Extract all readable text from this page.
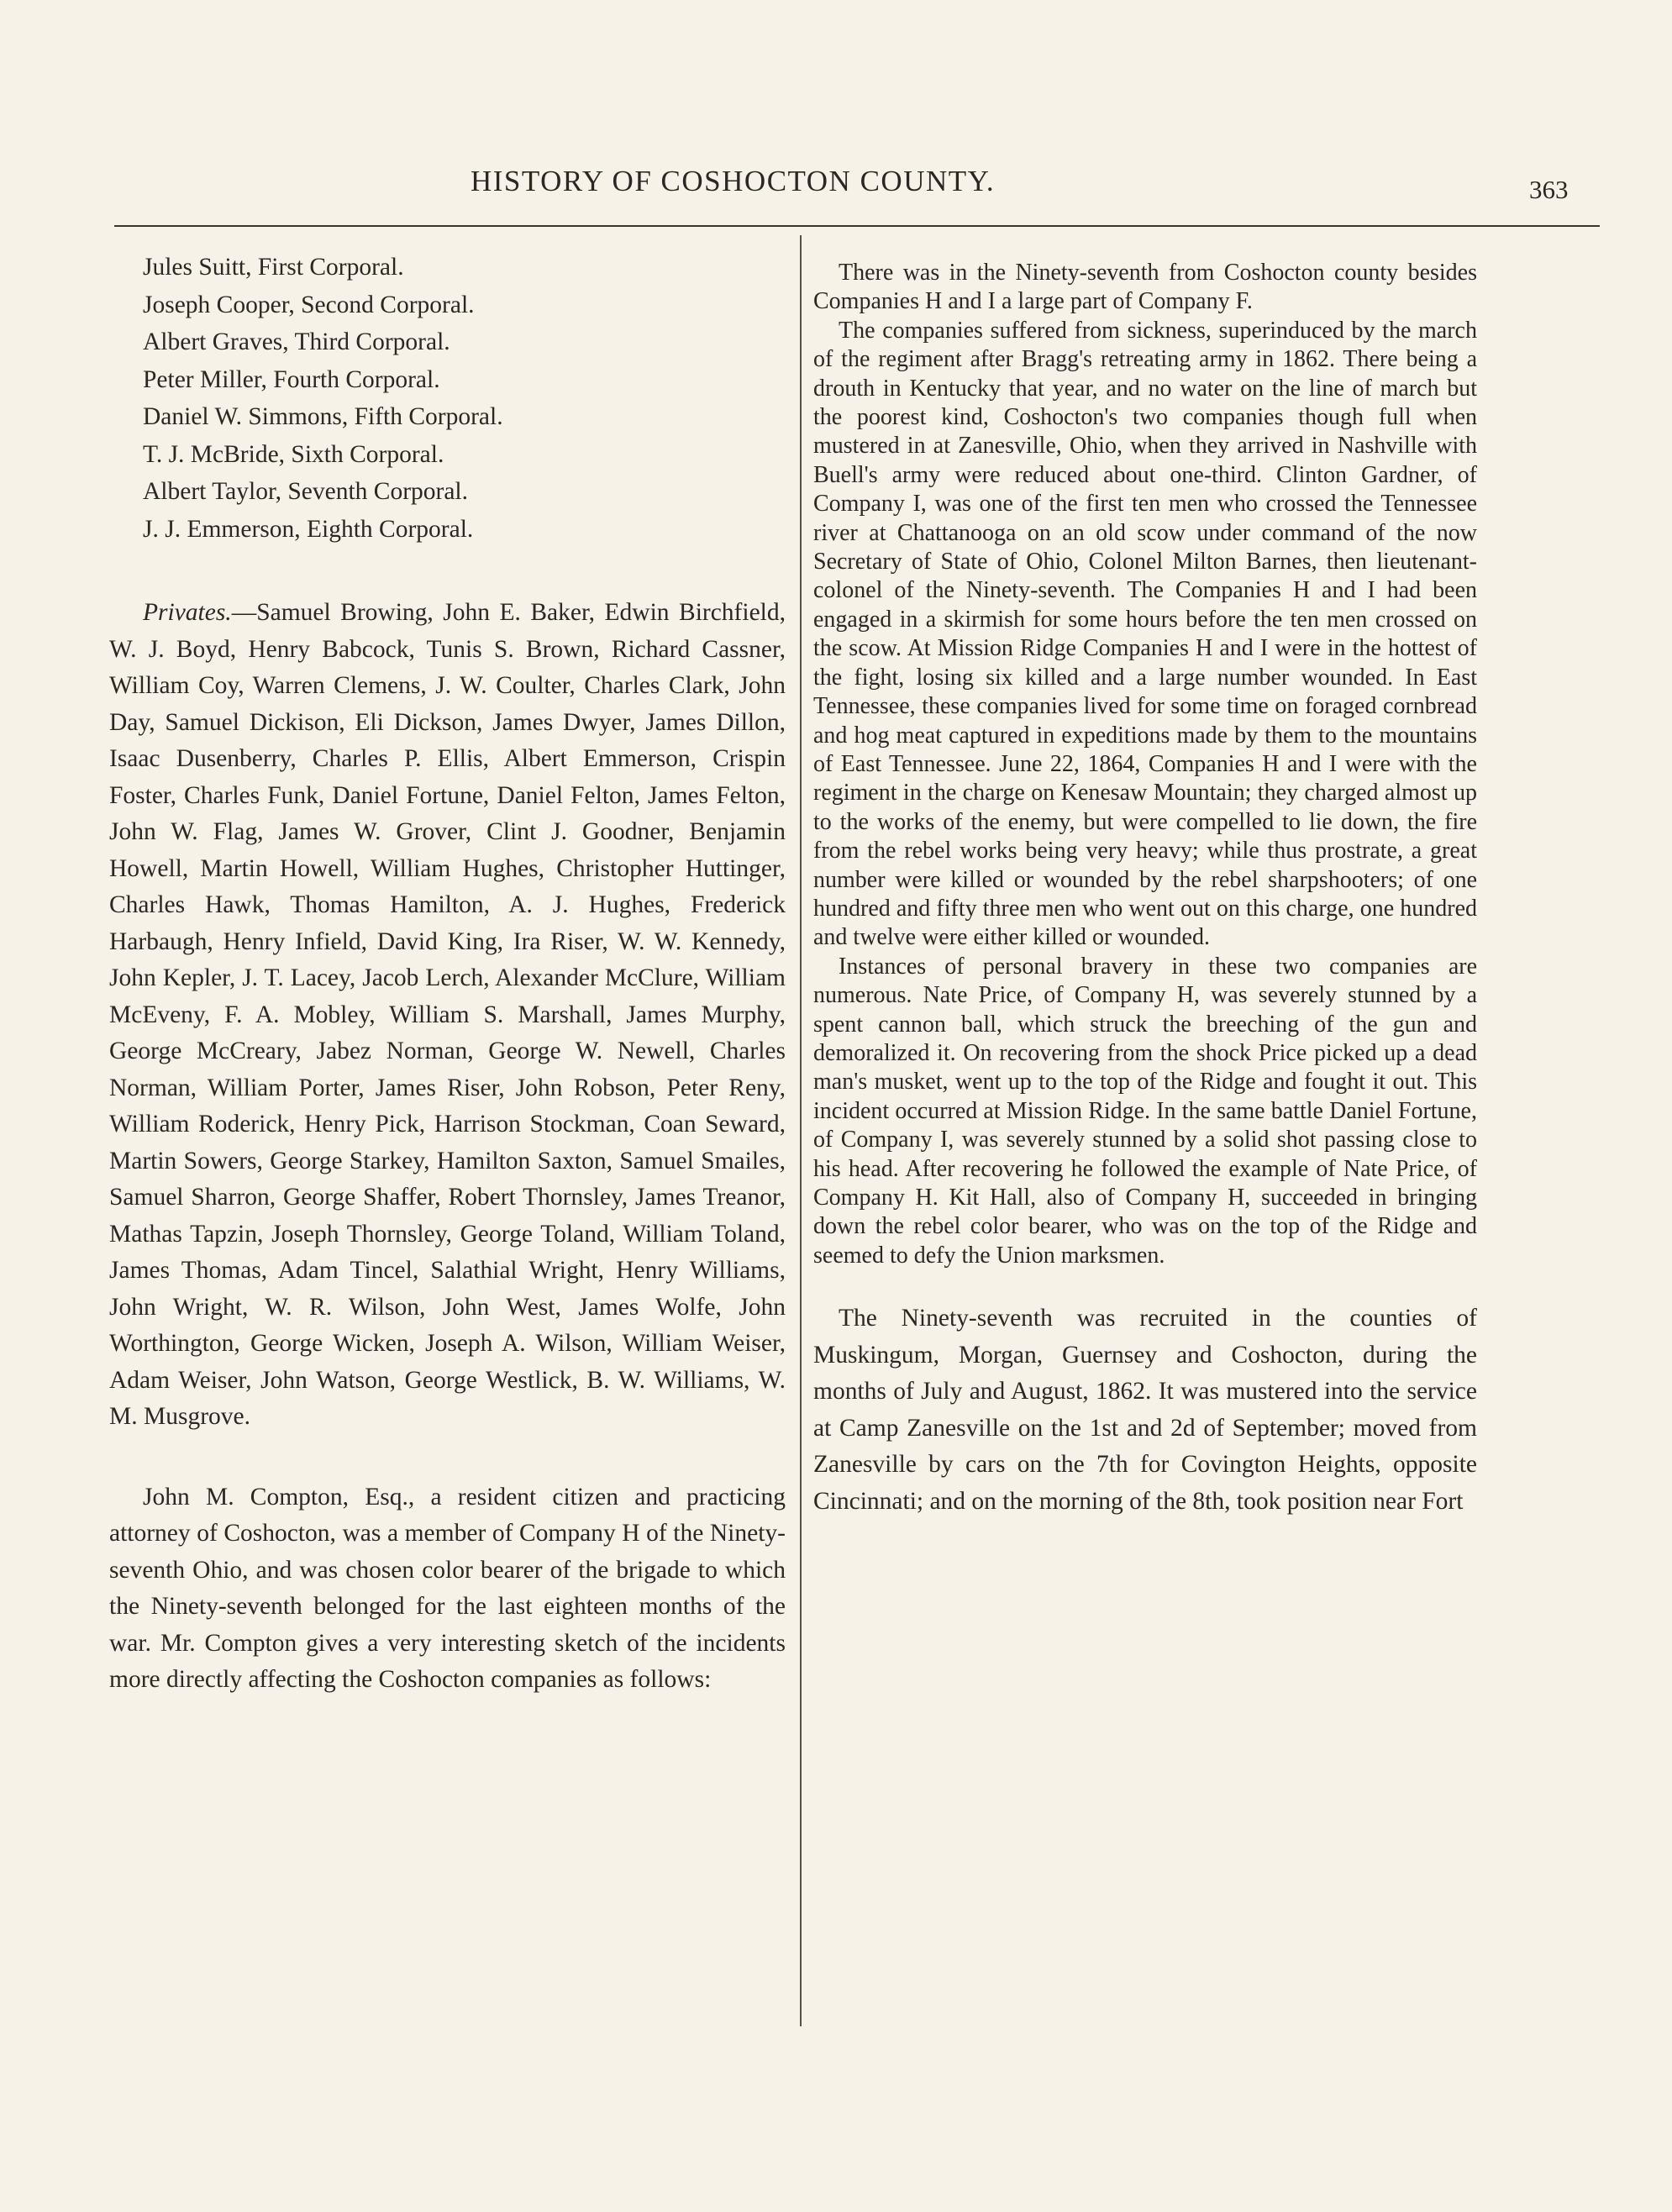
HISTORY OF COSHOCTON COUNTY.	363
Jules Suitt, First Corporal.
Joseph Cooper, Second Corporal.
Albert Graves, Third Corporal.
Peter Miller, Fourth Corporal.
Daniel W. Simmons, Fifth Corporal.
T. J. McBride, Sixth Corporal.
Albert Taylor, Seventh Corporal.
J. J. Emmerson, Eighth Corporal.

Privates.—Samuel Browing, John E. Baker, Edwin Birchfield, W. J. Boyd, Henry Babcock, Tunis S. Brown, Richard Cassner, William Coy, Warren Clemens, J. W. Coulter, Charles Clark, John Day, Samuel Dickison, Eli Dickson, James Dwyer, James Dillon, Isaac Dusenberry, Charles P. Ellis, Albert Emmerson, Crispin Foster, Charles Funk, Daniel Fortune, Daniel Felton, James Felton, John W. Flag, James W. Grover, Clint J. Goodner, Benjamin Howell, Martin Howell, William Hughes, Christopher Huttinger, Charles Hawk, Thomas Hamilton, A. J. Hughes, Frederick Harbaugh, Henry Infield, David King, Ira Riser, W. W. Kennedy, John Kepler, J. T. Lacey, Jacob Lerch, Alexander McClure, William McEveny, F. A. Mobley, William S. Marshall, James Murphy, George McCreary, Jabez Norman, George W. Newell, Charles Norman, William Porter, James Riser, John Robson, Peter Reny, William Roderick, Henry Pick, Harrison Stockman, Coan Seward, Martin Sowers, George Starkey, Hamilton Saxton, Samuel Smailes, Samuel Sharron, George Shaffer, Robert Thornsley, James Treanor, Mathas Tapzin, Joseph Thornsley, George Toland, William Toland, James Thomas, Adam Tincel, Salathial Wright, Henry Williams, John Wright, W. R. Wilson, John West, James Wolfe, John Worthington, George Wicken, Joseph A. Wilson, William Weiser, Adam Weiser, John Watson, George Westlick, B. W. Williams, W. M. Musgrove.

John M. Compton, Esq., a resident citizen and practicing attorney of Coshocton, was a member of Company H of the Ninety-seventh Ohio, and was chosen color bearer of the brigade to which the Ninety-seventh belonged for the last eighteen months of the war. Mr. Compton gives a very interesting sketch of the incidents more directly affecting the Coshocton companies as follows:

There was in the Ninety-seventh from Coshocton county besides Companies H and I a large part of Company F.

The companies suffered from sickness, superinduced by the march of the regiment after Bragg's retreating army in 1862. There being a drouth in Kentucky that year, and no water on the line of march but the poorest kind, Coshocton's two companies though full when mustered in at Zanesville, Ohio, when they arrived in Nashville with Buell's army were reduced about one-third. Clinton Gardner, of Company I, was one of the first ten men who crossed the Tennessee river at Chattanooga on an old scow under command of the now Secretary of State of Ohio, Colonel Milton Barnes, then lieutenant-colonel of the Ninety-seventh. The Companies H and I had been engaged in a skirmish for some hours before the ten men crossed on the scow. At Mission Ridge Companies H and I were in the hottest of the fight, losing six killed and a large number wounded. In East Tennessee, these companies lived for some time on foraged cornbread and hog meat captured in expeditions made by them to the mountains of East Tennessee. June 22, 1864, Companies H and I were with the regiment in the charge on Kenesaw Mountain; they charged almost up to the works of the enemy, but were compelled to lie down, the fire from the rebel works being very heavy; while thus prostrate, a great number were killed or wounded by the rebel sharpshooters; of one hundred and fifty three men who went out on this charge, one hundred and twelve were either killed or wounded.

Instances of personal bravery in these two companies are numerous. Nate Price, of Company H, was severely stunned by a spent cannon ball, which struck the breeching of the gun and demoralized it. On recovering from the shock Price picked up a dead man's musket, went up to the top of the Ridge and fought it out. This incident occurred at Mission Ridge. In the same battle Daniel Fortune, of Company I, was severely stunned by a solid shot passing close to his head. After recovering he followed the example of Nate Price, of Company H. Kit Hall, also of Company H, succeeded in bringing down the rebel color bearer, who was on the top of the Ridge and seemed to defy the Union marksmen.

The Ninety-seventh was recruited in the counties of Muskingum, Morgan, Guernsey and Coshocton, during the months of July and August, 1862. It was mustered into the service at Camp Zanesville on the 1st and 2d of September; moved from Zanesville by cars on the 7th for Covington Heights, opposite Cincinnati; and on the morning of the 8th, took position near Fort
